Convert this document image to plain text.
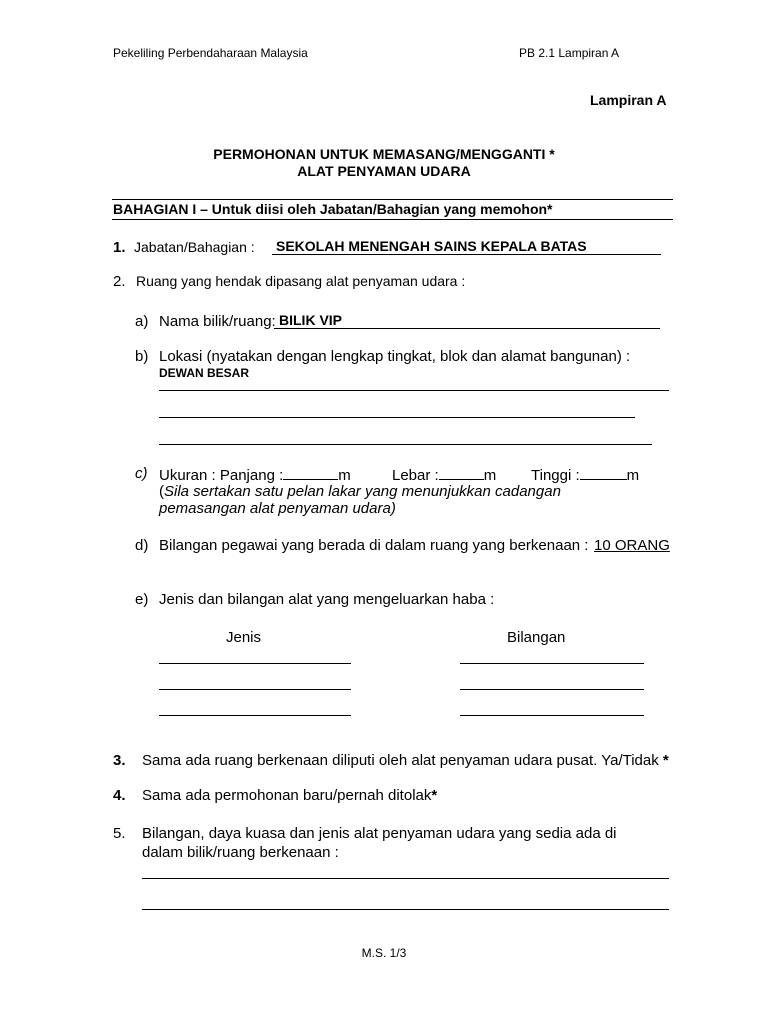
Pekeliling Perbendaharaan Malaysia	PB 2.1 Lampiran A
Lampiran A
PERMOHONAN UNTUK MEMASANG/MENGGANTI *
ALAT PENYAMAN UDARA
BAHAGIAN I – Untuk diisi oleh Jabatan/Bahagian yang memohon*
1. Jabatan/Bahagian : SEKOLAH MENENGAH SAINS KEPALA BATAS
2. Ruang yang hendak dipasang alat penyaman udara :
a) Nama bilik/ruang: BILIK VIP
b) Lokasi (nyatakan dengan lengkap tingkat, blok dan alamat bangunan) :
DEWAN BESAR
c) Ukuran : Panjang :	m	Lebar :	m Tinggi :	m
(Sila sertakan satu pelan lakar yang menunjukkan cadangan
pemasangan alat penyaman udara)
d) Bilangan pegawai yang berada di dalam ruang yang berkenaan : 10 ORANG
e) Jenis dan bilangan alat yang mengeluarkan haba :
Jenis	Bilangan
3. Sama ada ruang berkenaan diliputi oleh alat penyaman udara pusat. Ya/Tidak *
4. Sama ada permohonan baru/pernah ditolak*
5. Bilangan, daya kuasa dan jenis alat penyaman udara yang sedia ada di
dalam bilik/ruang berkenaan :
M.S. 1/3
